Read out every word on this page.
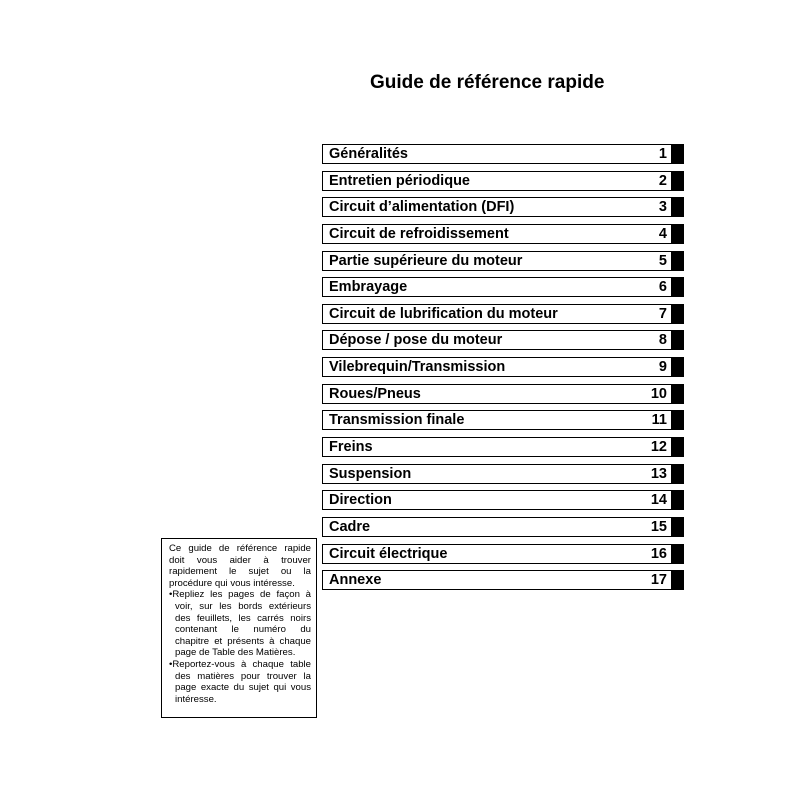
Guide de référence rapide
Généralités	1
Entretien périodique	2
Circuit d’alimentation (DFI)	3
Circuit de refroidissement	4
Partie supérieure du moteur	5
Embrayage	6
Circuit de lubrification du moteur	7
Dépose / pose du moteur	8
Vilebrequin/Transmission	9
Roues/Pneus	10
Transmission finale	11
Freins	12
Suspension	13
Direction	14
Cadre	15
Circuit électrique	16
Annexe	17

Ce guide de référence rapide doit vous aider à trouver rapidement le sujet ou la procédure qui vous intéresse.

•Repliez les pages de façon à voir, sur les bords extérieurs des feuillets, les carrés noirs contenant le numéro du chapitre et présents à chaque page de Table des Matières.

•Reportez-vous à chaque table des matières pour trouver la page exacte du sujet qui vous intéresse.
